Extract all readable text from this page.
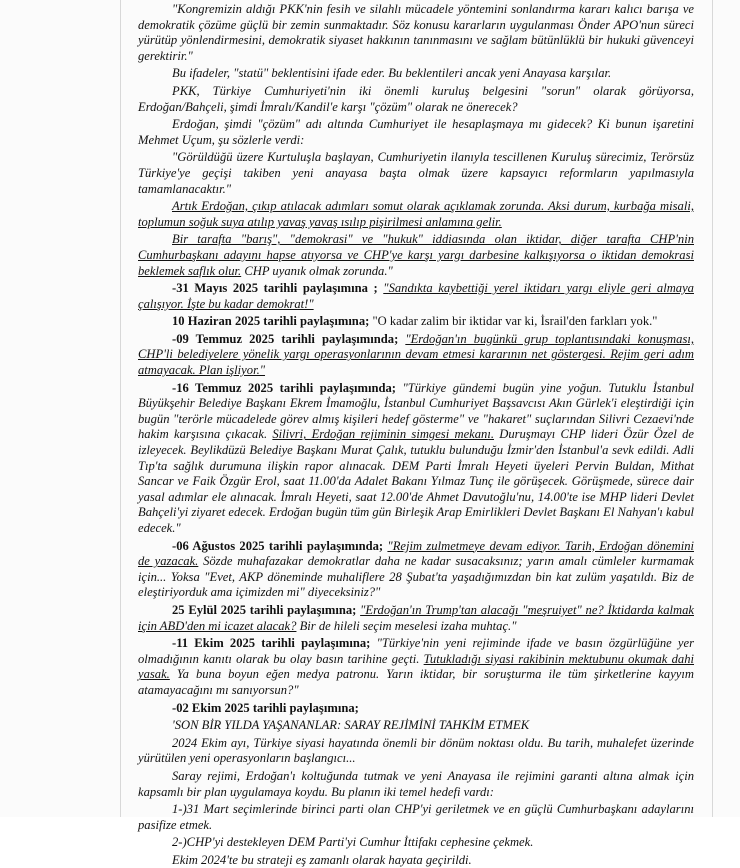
"Kongremizin aldığı PKK'nin fesih ve silahlı mücadele yöntemini sonlandırma kararı kalıcı barışa ve demokratik çözüme güçlü bir zemin sunmaktadır. Söz konusu kararların uygulanması Önder APO'nun süreci yürütüp yönlendirmesini, demokratik siyaset hakkının tanınmasını ve sağlam bütünlüklü bir hukuki güvenceyi gerektirir."

Bu ifadeler, "statü" beklentisini ifade eder. Bu beklentileri ancak yeni Anayasa karşılar.

PKK, Türkiye Cumhuriyeti'nin iki önemli kuruluş belgesini "sorun" olarak görüyorsa, Erdoğan/Bahçeli, şimdi İmralı/Kandil'e karşı "çözüm" olarak ne önerecek?

Erdoğan, şimdi "çözüm" adı altında Cumhuriyet ile hesaplaşmaya mı gidecek? Ki bunun işaretini Mehmet Uçum, şu sözlerle verdi:

"Görüldüğü üzere Kurtuluşla başlayan, Cumhuriyetin ilanıyla tescillenen Kuruluş sürecimiz, Terörsüz Türkiye'ye geçişi takiben yeni anayasa başta olmak üzere kapsayıcı reformların yapılmasıyla tamamlanacaktır."

Artık Erdoğan, çıkıp atılacak adımları somut olarak açıklamak zorunda. Aksi durum, kurbağa misali, toplumun soğuk suya atılıp yavaş yavaş ısılıp pişirilmesi anlamına gelir.

Bir tarafta "barış", "demokrasi" ve "hukuk" iddiasında olan iktidar, diğer tarafta CHP'nin Cumhurbaşkanı adayını hapse atıyorsa ve CHP'ye karşı yargı darbesine kalkışıyorsa o iktidan demokrasi beklemek saflık olur. CHP uyanık olmak zorunda."

-31 Mayıs 2025 tarihli paylaşımına ; "Sandıkta kaybettiği yerel iktidarı yargı eliyle geri almaya çalışıyor. İşte bu kadar demokrat!"

10 Haziran 2025 tarihli paylaşımına; "O kadar zalim bir iktidar var ki, İsrail'den farkları yok."

-09 Temmuz 2025 tarihli paylaşımında; "Erdoğan'ın bugünkü grup toplantısındaki konuşması, CHP'li belediyelere yönelik yargı operasyonlarının devam etmesi kararının net göstergesi. Rejim geri adım atmayacak. Plan işliyor."

-16 Temmuz 2025 tarihli paylaşımında; "Türkiye gündemi bugün yine yoğun. Tutuklu İstanbul Büyükşehir Belediye Başkanı Ekrem İmamoğlu, İstanbul Cumhuriyet Başsavcısı Akın Gürlek'i eleştirdiği için bugün "terörle mücadelede görev almış kişileri hedef gösterme" ve "hakaret" suçlarından Silivri Cezaevi'nde hakim karşısına çıkacak. Silivri, Erdoğan rejiminin simgesi mekanı. Duruşmayı CHP lideri Özür Özel de izleyecek. Beylikdüzü Belediye Başkanı Murat Çalık, tutuklu bulunduğu İzmir'den İstanbul'a sevk edildi. Adli Tıp'ta sağlık durumuna ilişkin rapor alınacak. DEM Parti İmralı Heyeti üyeleri Pervin Buldan, Mithat Sancar ve Faik Özgür Erol, saat 11.00'da Adalet Bakanı Yılmaz Tunç ile görüşecek. Görüşmede, sürece dair yasal adımlar ele alınacak. İmralı Heyeti, saat 12.00'de Ahmet Davutoğlu'nu, 14.00'te ise MHP lideri Devlet Bahçeli'yi ziyaret edecek. Erdoğan bugün tüm gün Birleşik Arap Emirlikleri Devlet Başkanı El Nahyan'ı kabul edecek."

-06 Ağustos 2025 tarihli paylaşımında; "Rejim zulmetmeye devam ediyor. Tarih, Erdoğan dönemini de yazacak. Sözde muhafazakar demokratlar daha ne kadar susacaksınız; yarın amalı cümleler kurmamak için... Yoksa "Evet, AKP döneminde muhaliflere 28 Şubat'ta yaşadığımızdan bin kat zulüm yaşatıldı. Biz de eleştiriyorduk ama içimizden mi" diyeceksiniz?"

25 Eylül 2025 tarihli paylaşımına; "Erdoğan'ın Trump'tan alacağı "meşruiyet" ne? İktidarda kalmak için ABD'den mi icazet alacak? Bir de hileli seçim meselesi izaha muhtaç."

-11 Ekim 2025 tarihli paylaşımına; "Türkiye'nin yeni rejiminde ifade ve basın özgürlüğüne yer olmadığının kanıtı olarak bu olay basın tarihine geçti. Tutukladığı siyasi rakibinin mektubunu okumak dahi yasak. Ya buna boyun eğen medya patronu. Yarın iktidar, bir soruşturma ile tüm şirketlerine kayyım atamayacağını mı sanıyorsun?"

-02 Ekim 2025 tarihli paylaşımına;

'SON BİR YILDA YAŞANANLAR: SARAY REJİMİNİ TAHKİM ETMEK

2024 Ekim ayı, Türkiye siyasi hayatında önemli bir dönüm noktası oldu. Bu tarih, muhalefet üzerinde yürütülen yeni operasyonların başlangıcı...

Saray rejimi, Erdoğan'ı koltuğunda tutmak ve yeni Anayasa ile rejimini garanti altına almak için kapsamlı bir plan uygulamaya koydu. Bu planın iki temel hedefi vardı:

1-)31 Mart seçimlerinde birinci parti olan CHP'yi geriletmek ve en güçlü Cumhurbaşkanı adaylarını pasifize etmek.

2-)CHP'yi destekleyen DEM Parti'yi Cumhur İttifakı cephesine çekmek.

Ekim 2024'te bu strateji eş zamanlı olarak hayata geçirildi.
